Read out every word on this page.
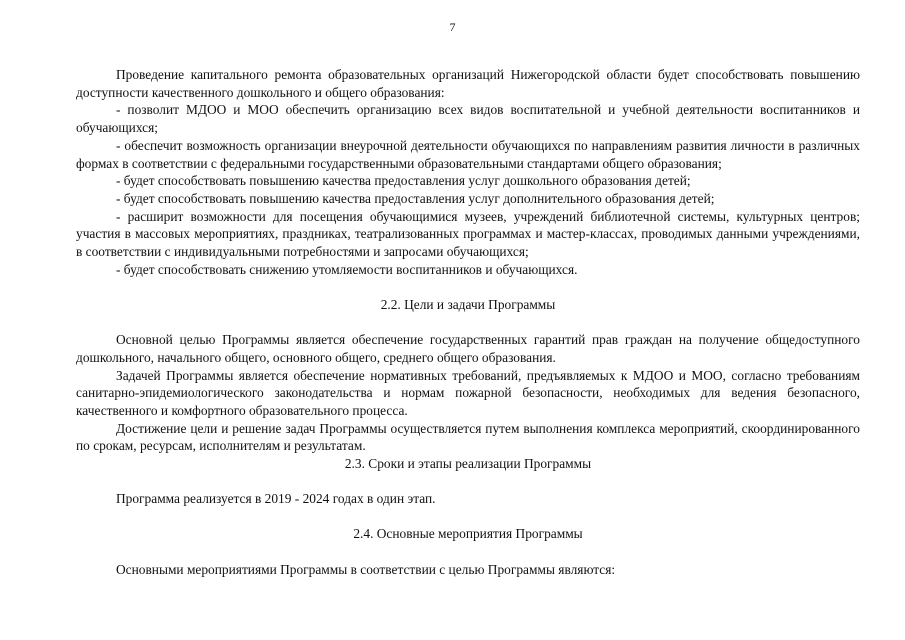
7

Проведение капитального ремонта образовательных организаций Нижегородской области будет способствовать повышению доступности качественного дошкольного и общего образования:

- позволит МДОО и МОО обеспечить организацию всех видов воспитательной и учебной деятельности воспитанников и обучающихся;

- обеспечит возможность организации внеурочной деятельности обучающихся по направлениям развития личности в различных формах в соответствии с федеральными государственными образовательными стандартами общего образования;

- будет способствовать повышению качества предоставления услуг дошкольного образования детей;

- будет способствовать повышению качества предоставления услуг дополнительного образования детей;

- расширит возможности для посещения обучающимися музеев, учреждений библиотечной системы, культурных центров; участия в массовых мероприятиях, праздниках, театрализованных программах и мастер-классах, проводимых данными учреждениями, в соответствии с индивидуальными потребностями и запросами обучающихся;

- будет способствовать снижению утомляемости воспитанников и обучающихся.

2.2. Цели и задачи Программы

Основной целью Программы является обеспечение государственных гарантий прав граждан на получение общедоступного дошкольного, начального общего, основного общего, среднего общего образования.

Задачей Программы является обеспечение нормативных требований, предъявляемых к МДОО и МОО, согласно требованиям санитарно-эпидемиологического законодательства и нормам пожарной безопасности, необходимых для ведения безопасного, качественного и комфортного образовательного процесса.

Достижение цели и решение задач Программы осуществляется путем выполнения комплекса мероприятий, скоординированного по срокам, ресурсам, исполнителям и результатам.

2.3. Сроки и этапы реализации Программы

Программа реализуется в 2019 - 2024 годах в один этап.

2.4. Основные мероприятия Программы

Основными мероприятиями Программы в соответствии с целью Программы являются:
